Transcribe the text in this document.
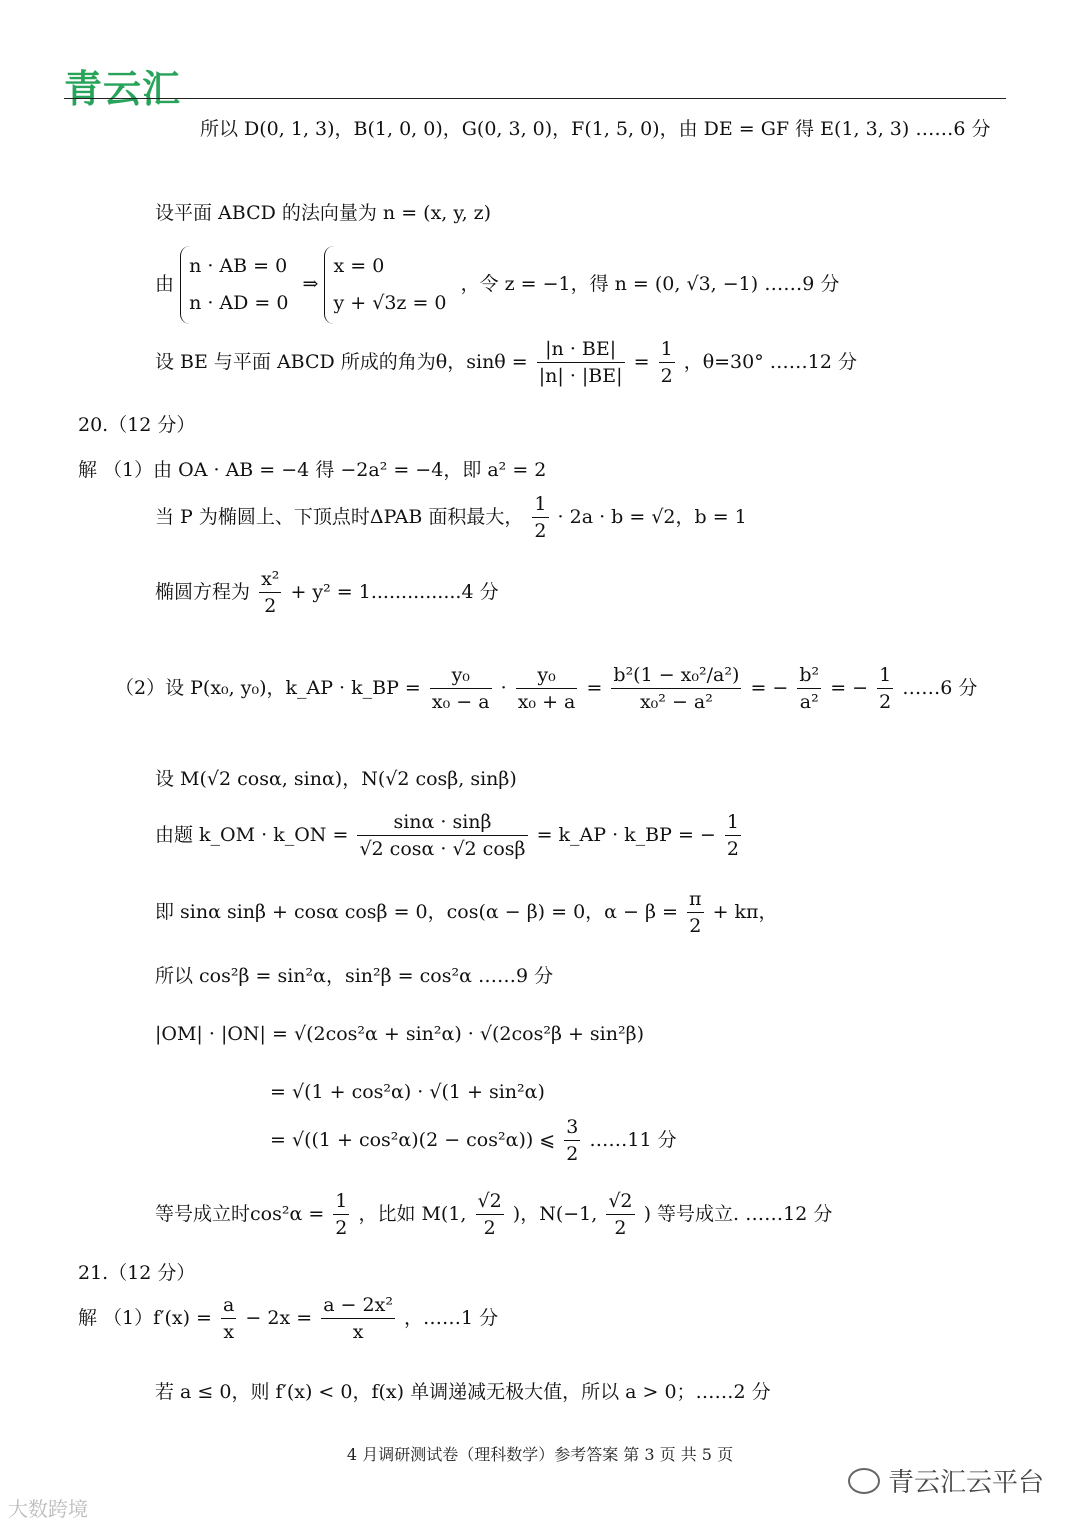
青云汇
所以 D(0, 1, 3)，B(1, 0, 0)，G(0, 3, 0)，F(1, 5, 0)，由 DE = GF 得 E(1, 3, 3) ……6 分
设平面 ABCD 的法向量为 n = (x, y, z)
由 n · AB = 0
n · AD = 0 ⇒ x = 0
y + √3z = 0 ，令 z = −1，得 n = (0, √3, −1) ……9 分
设 BE 与平面 ABCD 所成的角为θ，$\sin\theta = \frac{|n \cdot BE|}{|n| \cdot |BE|} = \frac{1}{2}$ ，θ=30° ……12 分
20.（12 分）
解 （1）由 OA · AB = −4 得 −2a² = −4，即 a² = 2
当 P 为椭圆上、下顶点时ΔPAB 面积最大， $\frac{1}{2} \cdot 2a \cdot b = √2$，b = 1
椭圆方程为 $\frac{\text{x²}}{2} + y^2 = 1...............4$ 分
（2）设 P(x₀, y₀)，k_AP · k_BP = $\frac{\text{y₀}}{\text{x₀ − a}} \cdot \frac{\text{y₀}}{\text{x₀ + a}} = \frac{\text{b²(1 − x₀²/a²)}}{\text{x₀² − a²}}$ = − $\frac{\text{b²}}{\text{a²}}$ = − $\frac{1}{2}$ ……6 分
设 M(√2 cosα, sinα)，N(√2 cosβ, sinβ)
由题 k_OM · k_ON = $\frac{\sin\alpha \cdot \sin\beta}{√2 \cos\alpha \cdot √2 \cos\beta}$ = k_AP · k_BP = − $\frac{1}{2}$
即 sinα sinβ + cosα cosβ = 0，cos(α − β) = 0，$\alpha - \beta = \frac{\pi}{2} + k\pi$，
所以 cos²β = sin²α，sin²β = cos²α ……9 分
|OM| · |ON| = √(2cos²α + sin²α) · √(2cos²β + sin²β)
= √(1 + cos²α) · √(1 + sin²α)
= √((1 + cos²α)(2 − cos²α)) ⩽ $\frac{3}{2}$ ……11 分
等号成立时$\cos^2\alpha = \frac{1}{2}$ ，比如 M(1, $\frac{√2}{2}$ )，N(−1, $\frac{√2}{2}$ ) 等号成立. ……12 分
21.（12 分）
解 $(1)f'(x) = \frac{a}{x} - 2x = \frac{\text{a − 2x²}}{x}$ ，……1 分
若 a ≤ 0，则 f′(x) < 0，f(x) 单调递减无极大值，所以 a > 0；……2 分
4 月调研测试卷（理科数学）参考答案 第 3 页 共 5 页
青云汇云平台
大数跨境
